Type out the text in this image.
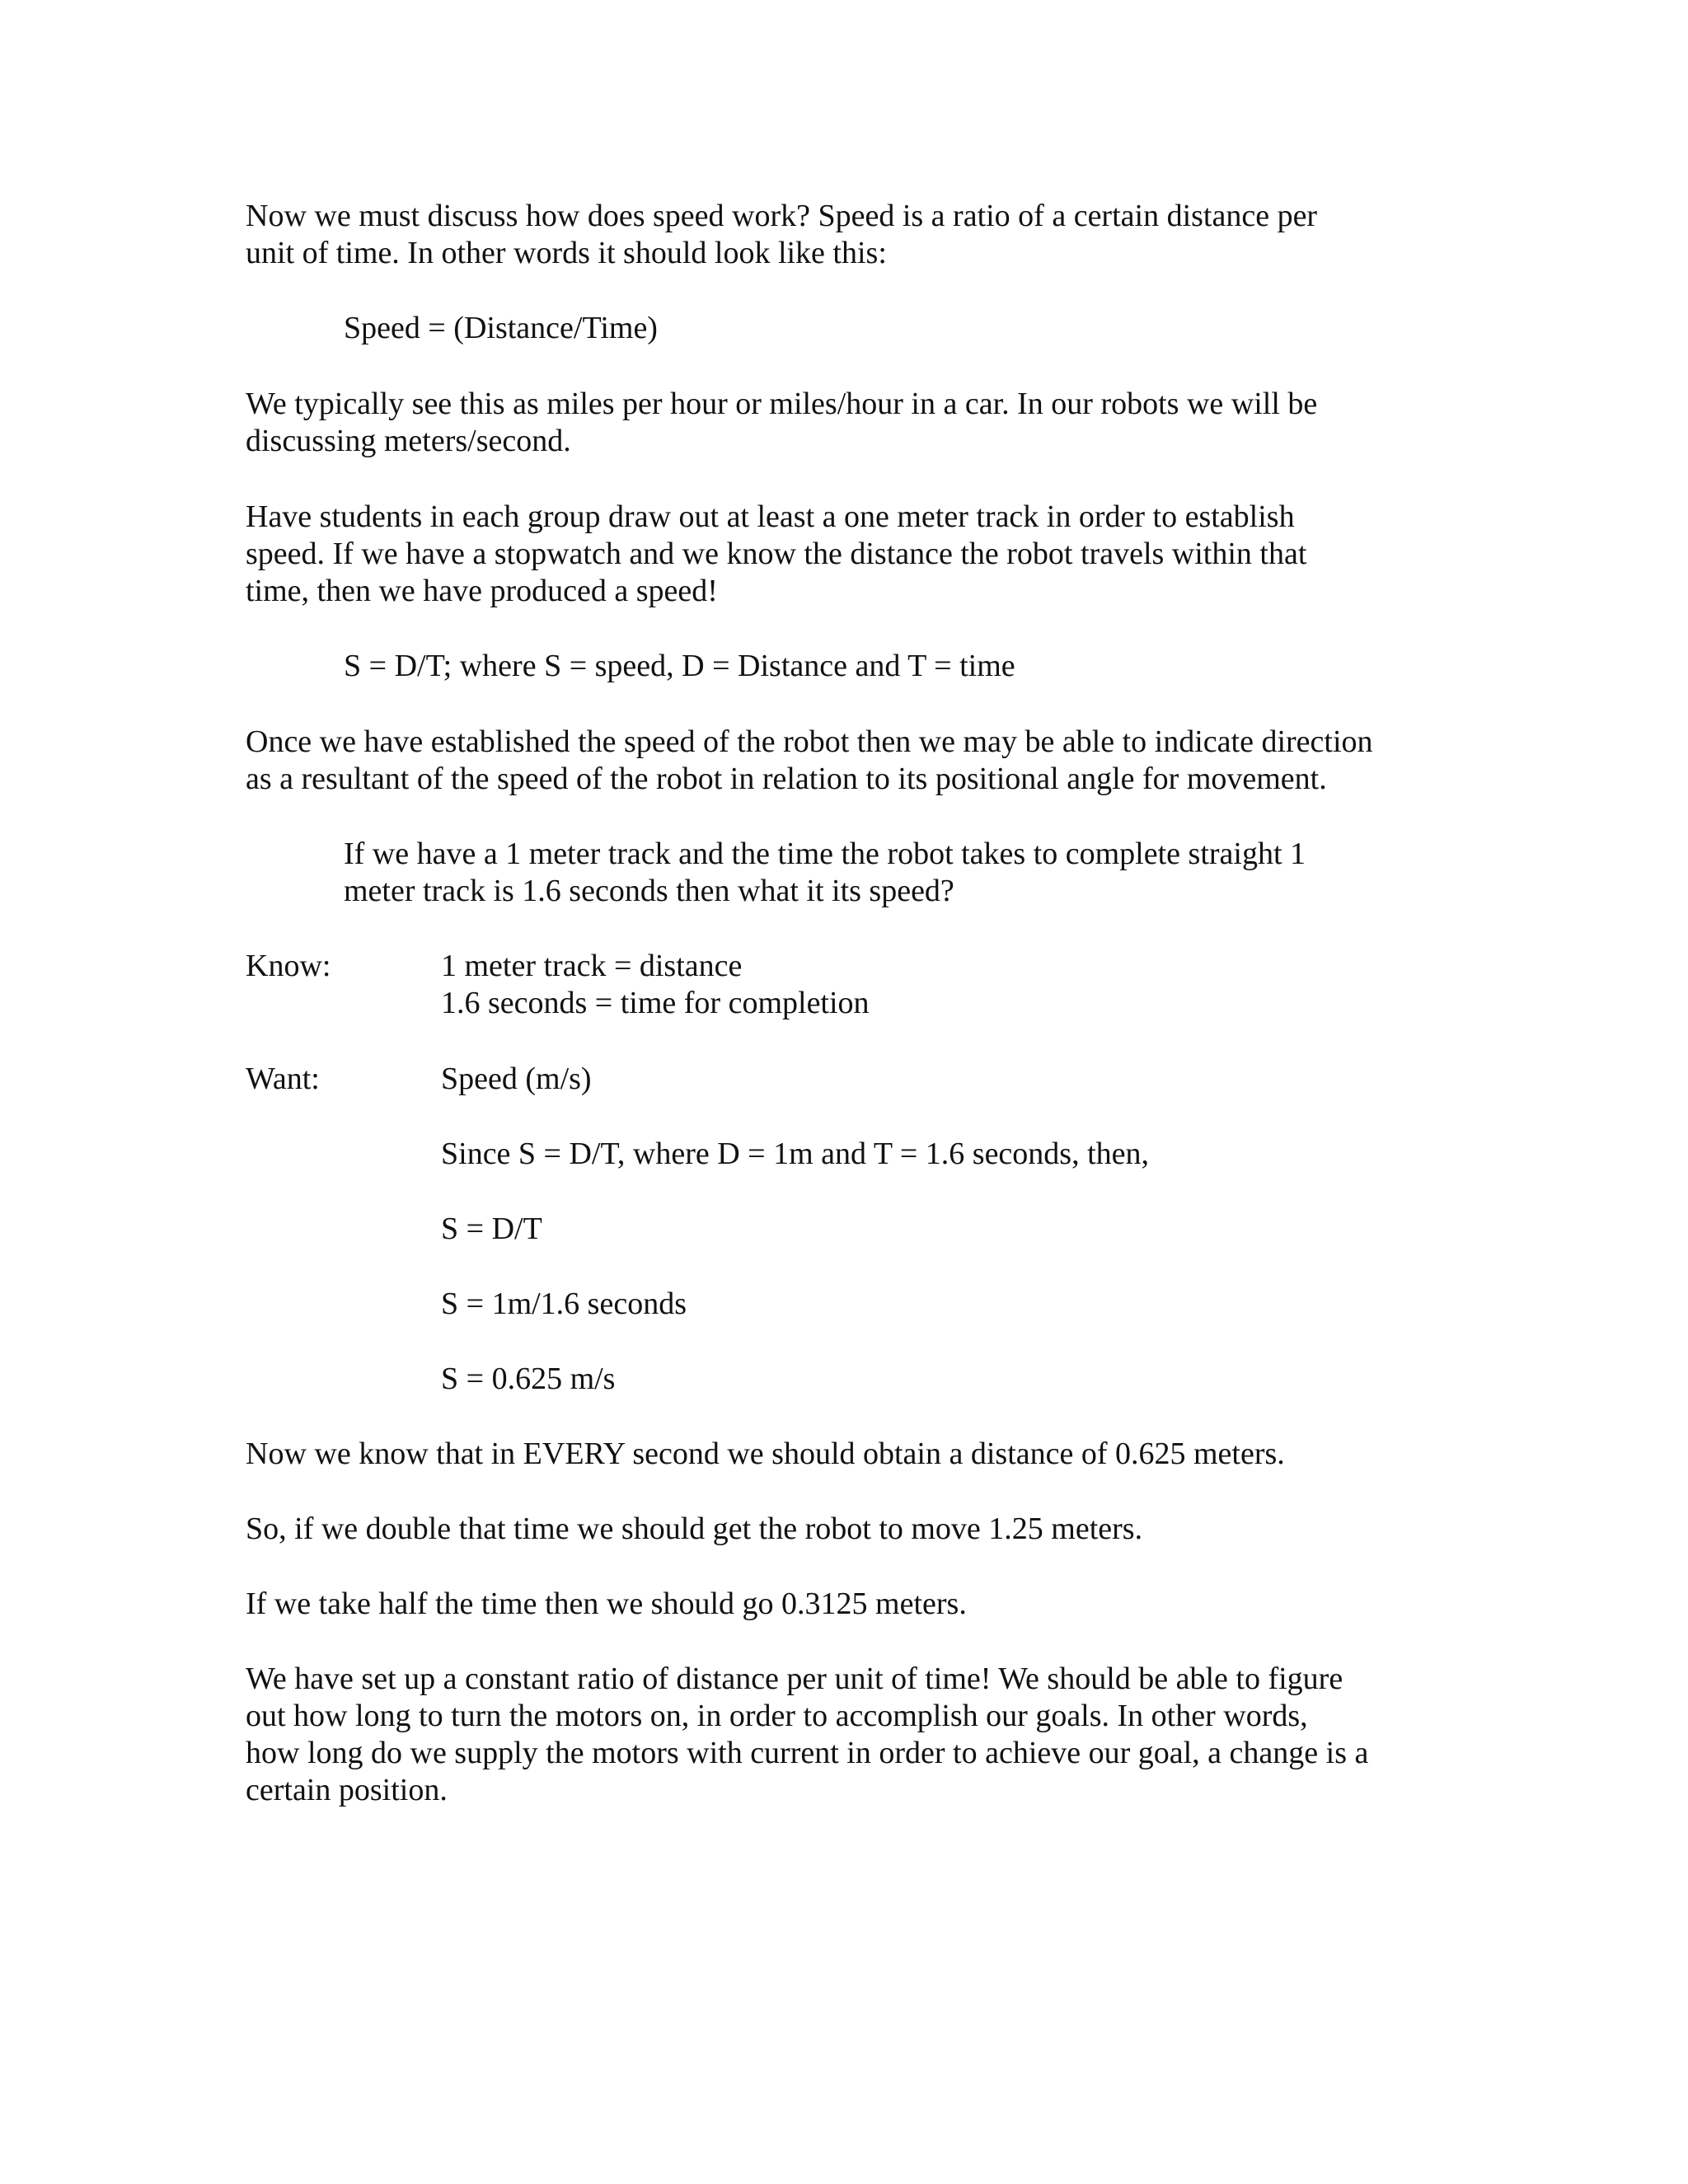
Now we must discuss how does speed work? Speed is a ratio of a certain distance per
unit of time. In other words it should look like this:

Speed = (Distance/Time)

We typically see this as miles per hour or miles/hour in a car. In our robots we will be
discussing meters/second.

Have students in each group draw out at least a one meter track in order to establish
speed. If we have a stopwatch and we know the distance the robot travels within that
time, then we have produced a speed!

S = D/T; where S = speed, D = Distance and T = time

Once we have established the speed of the robot then we may be able to indicate direction
as a resultant of the speed of the robot in relation to its positional angle for movement.

If we have a 1 meter track and the time the robot takes to complete straight 1
meter track is 1.6 seconds then what it its speed?

Know:	1 meter track = distance
1.6 seconds = time for completion

Want:	Speed (m/s)

Since S = D/T, where D = 1m and T = 1.6 seconds, then,

S = D/T

S = 1m/1.6 seconds

S = 0.625 m/s

Now we know that in EVERY second we should obtain a distance of 0.625 meters.

So, if we double that time we should get the robot to move 1.25 meters.

If we take half the time then we should go 0.3125 meters.

We have set up a constant ratio of distance per unit of time! We should be able to figure
out how long to turn the motors on, in order to accomplish our goals. In other words,
how long do we supply the motors with current in order to achieve our goal, a change is a
certain position.
